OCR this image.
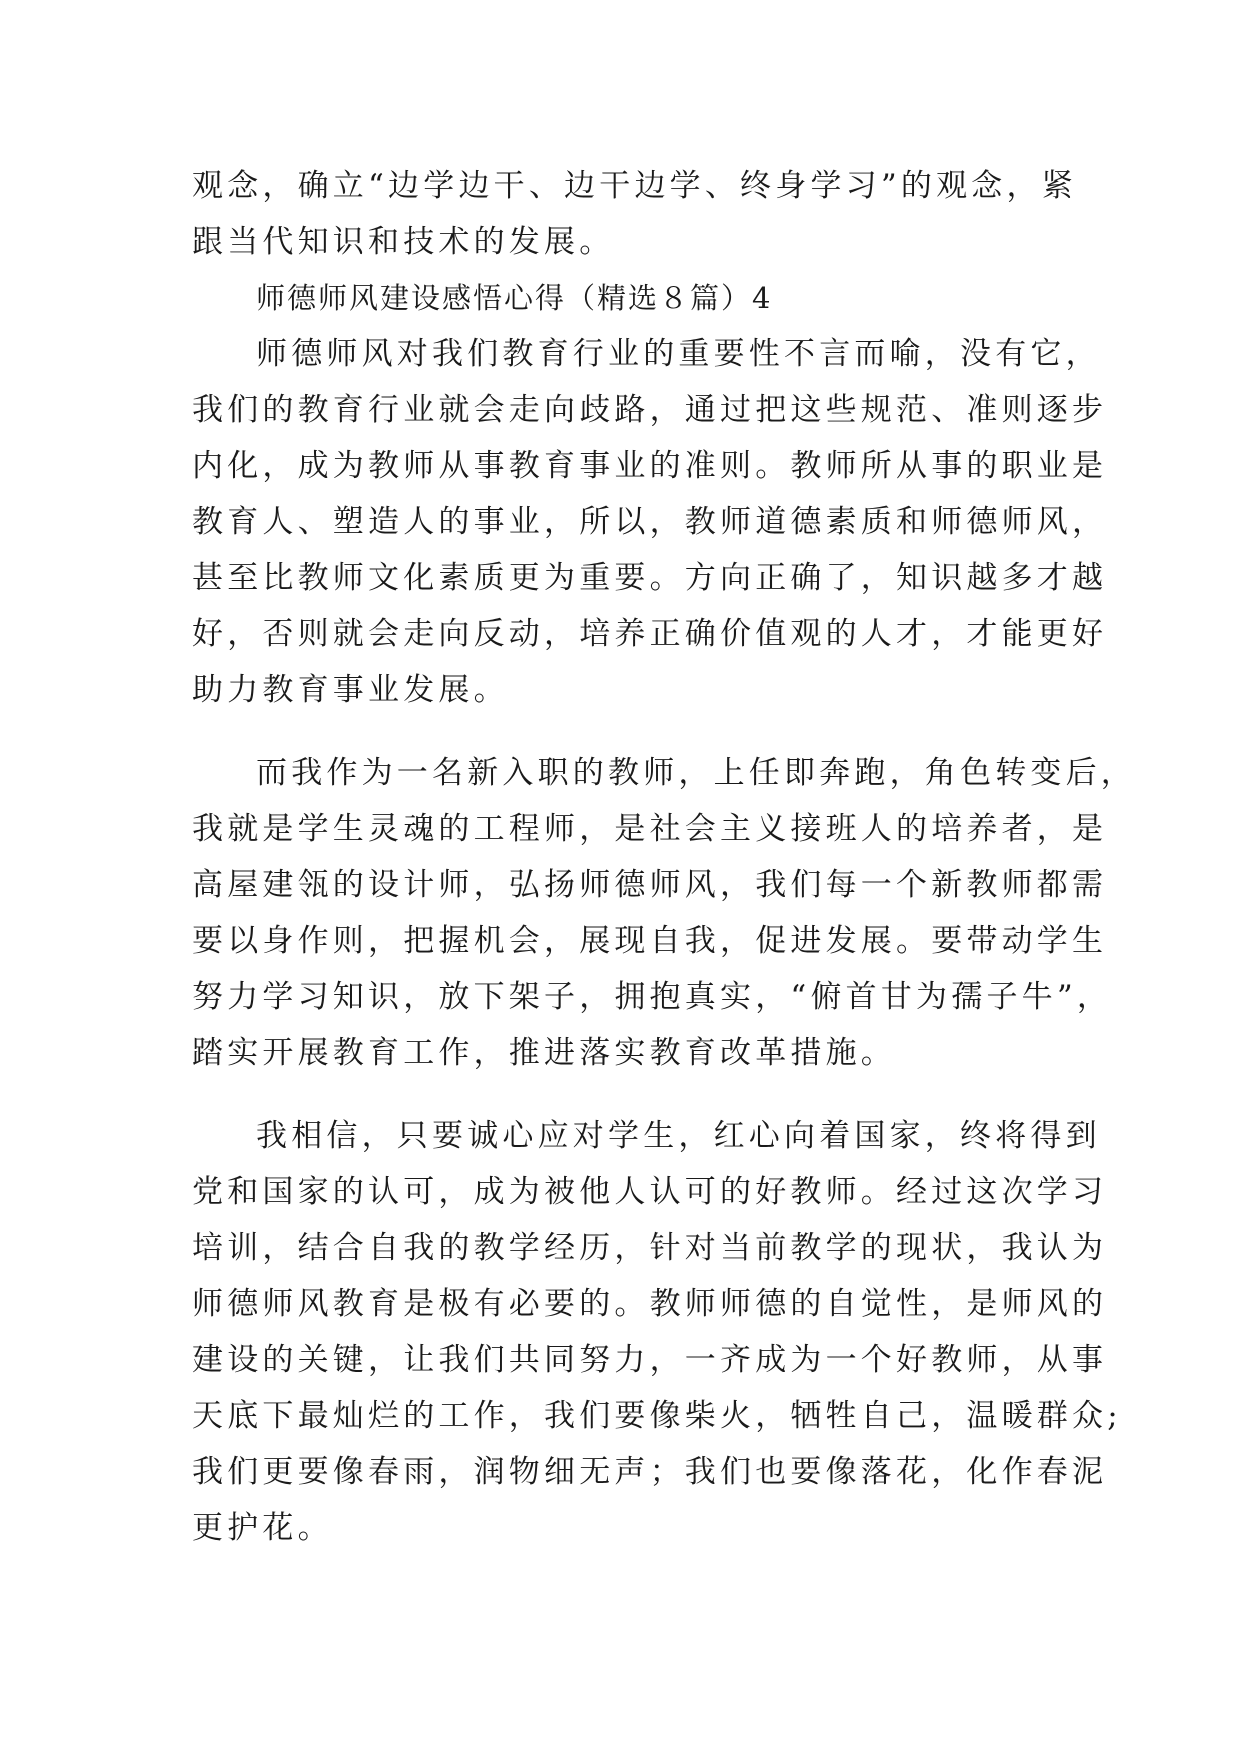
观念，确立“边学边干、边干边学、终身学习”的观念，紧
跟当代知识和技术的发展。
师德师风建设感悟心得（精选８篇）4
师德师风对我们教育行业的重要性不言而喻，没有它，
我们的教育行业就会走向歧路，通过把这些规范、准则逐步
内化，成为教师从事教育事业的准则。教师所从事的职业是
教育人、塑造人的事业，所以，教师道德素质和师德师风，
甚至比教师文化素质更为重要。方向正确了，知识越多才越
好，否则就会走向反动，培养正确价值观的人才，才能更好
助力教育事业发展。
而我作为一名新入职的教师，上任即奔跑，角色转变后，
我就是学生灵魂的工程师，是社会主义接班人的培养者，是
高屋建瓴的设计师，弘扬师德师风，我们每一个新教师都需
要以身作则，把握机会，展现自我，促进发展。要带动学生
努力学习知识，放下架子，拥抱真实，“俯首甘为孺子牛”，
踏实开展教育工作，推进落实教育改革措施。
我相信，只要诚心应对学生，红心向着国家，终将得到
党和国家的认可，成为被他人认可的好教师。经过这次学习
培训，结合自我的教学经历，针对当前教学的现状，我认为
师德师风教育是极有必要的。教师师德的自觉性，是师风的
建设的关键，让我们共同努力，一齐成为一个好教师，从事
天底下最灿烂的工作，我们要像柴火，牺牲自己，温暖群众;
我们更要像春雨，润物细无声；我们也要像落花，化作春泥
更护花。
